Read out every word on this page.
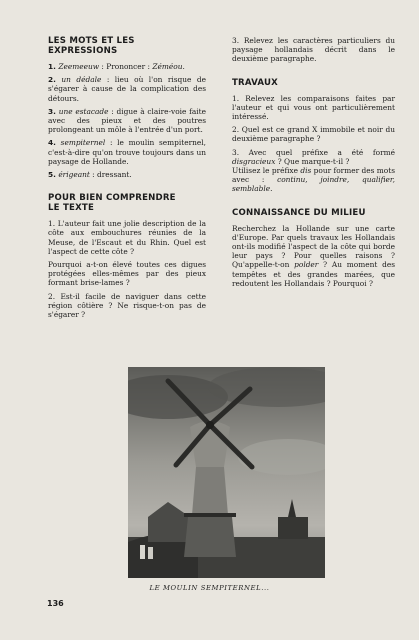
LES MOTS ET LES EXPRESSIONS

1. Zeemeeuw : Prononcer : Zéméou.

2. un dédale : lieu où l'on risque de s'égarer à cause de la complication des détours.

3. une estacade : digue à claire-voie faite avec des pieux et des poutres prolongeant un môle à l'entrée d'un port.

4. sempiternel : le moulin sempiternel, c'est-à-dire qu'on trouve toujours dans un paysage de Hollande.

5. érigeant : dressant.

POUR BIEN COMPRENDRE
LE TEXTE

1. L'auteur fait une jolie description de la côte aux embouchures réunies de la Meuse, de l'Escaut et du Rhin. Quel est l'aspect de cette côte ?

Pourquoi a-t-on élevé toutes ces digues protégées elles-mêmes par des pieux formant brise-lames ?

2. Est-il facile de naviguer dans cette région côtière ? Ne risque-t-on pas de s'égarer ?

3. Relevez les caractères particuliers du paysage hollandais décrit dans le deuxième paragraphe.

TRAVAUX

1. Relevez les comparaisons faites par l'auteur et qui vous ont particulièrement intéressé.

2. Quel est ce grand X immobile et noir du deuxième paragraphe ?

3. Avec quel préfixe a été formé disgracieux ? Que marque-t-il ?
Utilisez le préfixe dis pour former des mots avec : continu, joindre, qualifier, semblable.

CONNAISSANCE DU MILIEU

Recherchez la Hollande sur une carte d'Europe. Par quels travaux les Hollandais ont-ils modifié l'aspect de la côte qui borde leur pays ? Pour quelles raisons ? Qu'appelle-t-on polder ? Au moment des tempêtes et des grandes marées, que redoutent les Hollandais ? Pourquoi ?

LE MOULIN SEMPITERNEL...
136
